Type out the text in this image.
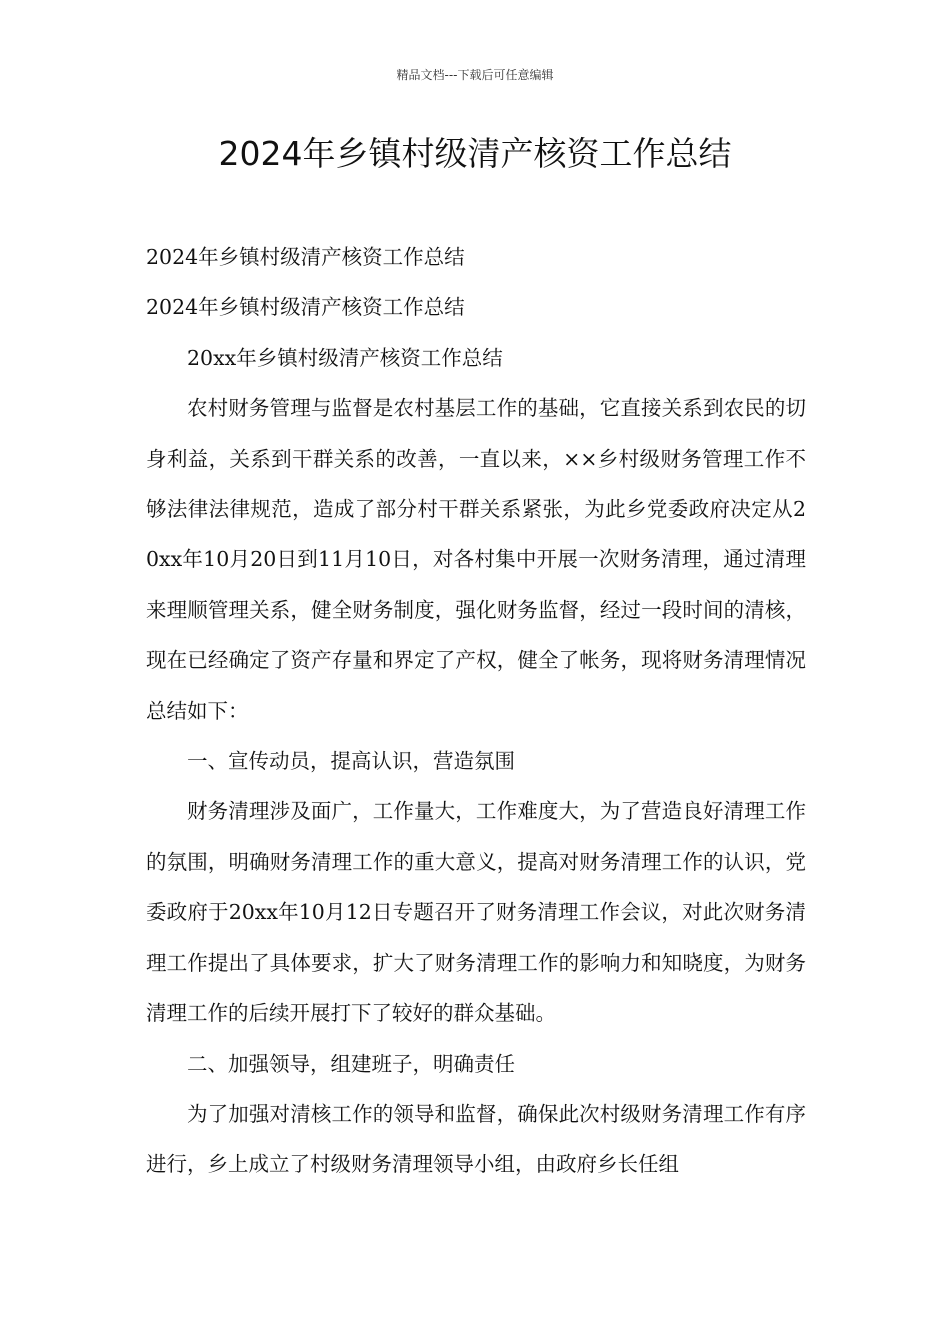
精品文档---下载后可任意编辑
2024年乡镇村级清产核资工作总结

2024年乡镇村级清产核资工作总结

2024年乡镇村级清产核资工作总结

20xx年乡镇村级清产核资工作总结

农村财务管理与监督是农村基层工作的基础，它直接关系到农民的切身利益，关系到干群关系的改善，一直以来，××乡村级财务管理工作不够法律法律规范，造成了部分村干群关系紧张，为此乡党委政府决定从20xx年10月20日到11月10日，对各村集中开展一次财务清理，通过清理来理顺管理关系，健全财务制度，强化财务监督，经过一段时间的清核，现在已经确定了资产存量和界定了产权，健全了帐务，现将财务清理情况总结如下：

一、宣传动员，提高认识，营造氛围

财务清理涉及面广，工作量大，工作难度大，为了营造良好清理工作的氛围，明确财务清理工作的重大意义，提高对财务清理工作的认识，党委政府于20xx年10月12日专题召开了财务清理工作会议，对此次财务清理工作提出了具体要求，扩大了财务清理工作的影响力和知晓度，为财务清理工作的后续开展打下了较好的群众基础。

二、加强领导，组建班子，明确责任

为了加强对清核工作的领导和监督，确保此次村级财务清理工作有序进行，乡上成立了村级财务清理领导小组，由政府乡长任组
